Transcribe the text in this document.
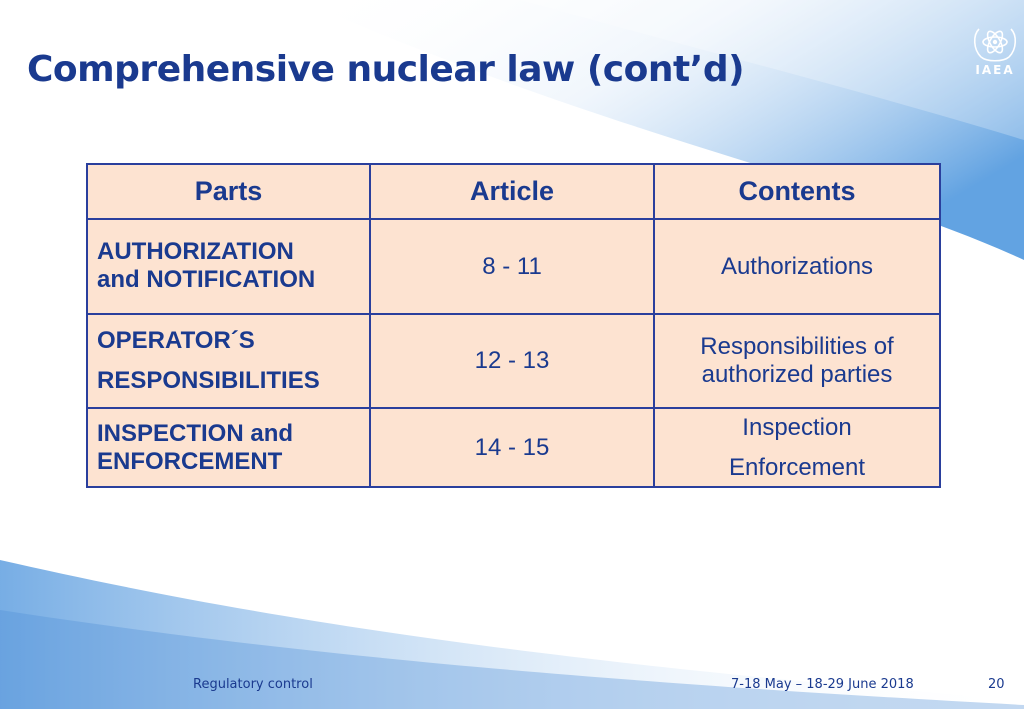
Comprehensive nuclear law (cont’d)	IAEA
Parts	Article	Contents

AUTHORIZATION
and NOTIFICATION	8 - 11	Authorizations

OPERATOR´S
RESPONSIBILITIES	12 - 13	Responsibilities of
authorized parties

INSPECTION and
ENFORCEMENT	14 - 15	Inspection
Enforcement
Regulatory control	7-18 May – 18-29 June 2018	20
